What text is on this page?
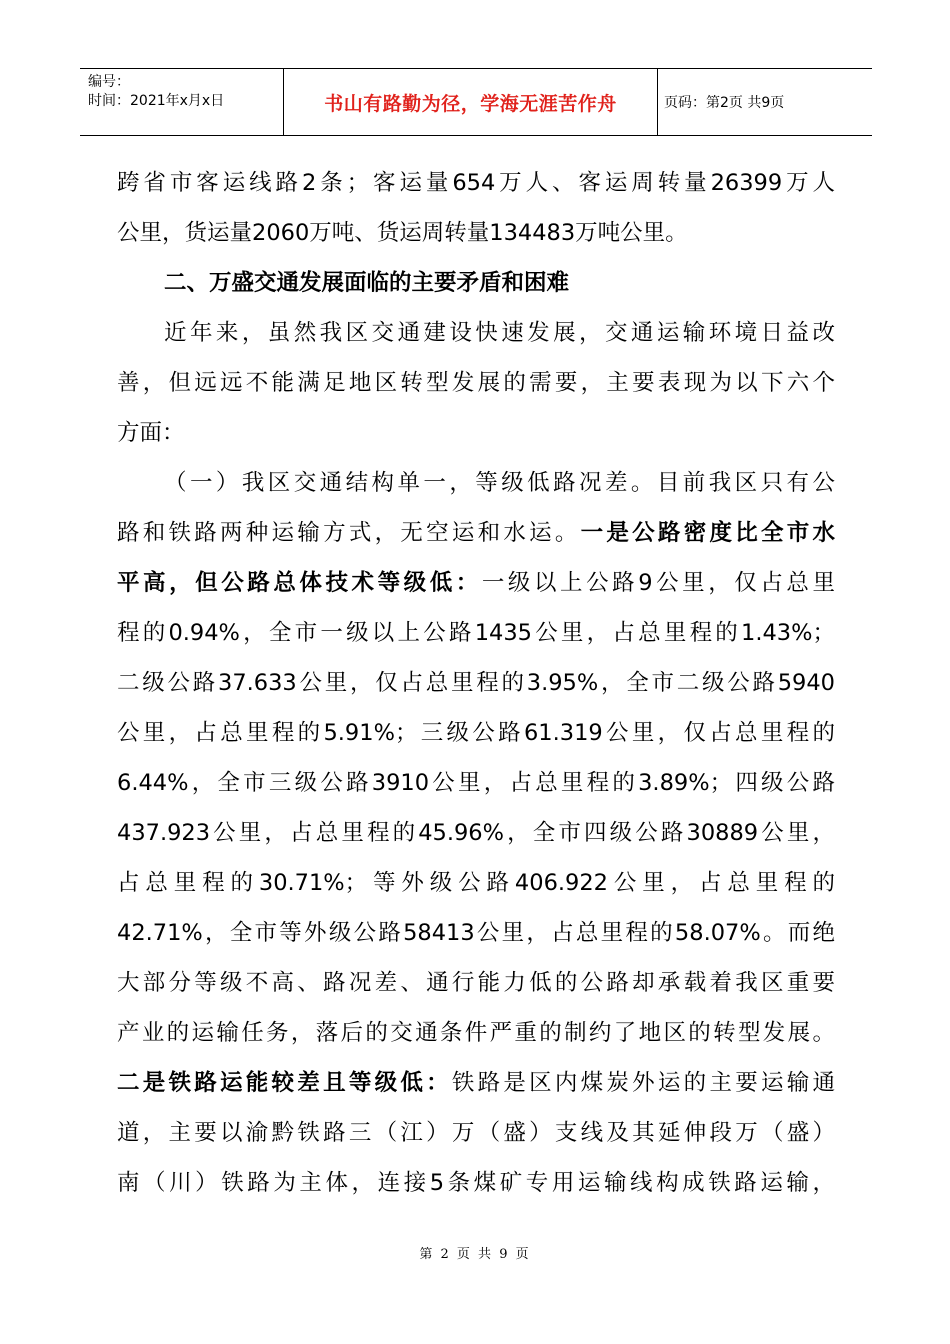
编号：
时间：2021年x月x日	书山有路勤为径，学海无涯苦作舟	页码：第2页 共9页
跨省市客运线路2条；客运量654万人、客运周转量26399万人
公里，货运量2060万吨、货运周转量134483万吨公里。
二、万盛交通发展面临的主要矛盾和困难
近年来，虽然我区交通建设快速发展，交通运输环境日益改
善，但远远不能满足地区转型发展的需要，主要表现为以下六个
方面：
（一）我区交通结构单一，等级低路况差。目前我区只有公
路和铁路两种运输方式，无空运和水运。一是公路密度比全市水
平高，但公路总体技术等级低：一级以上公路9公里，仅占总里
程的0.94%，全市一级以上公路1435公里，占总里程的1.43%；
二级公路37.633公里，仅占总里程的3.95%，全市二级公路5940
公里，占总里程的5.91%；三级公路61.319公里，仅占总里程的
6.44%，全市三级公路3910公里，占总里程的3.89%；四级公路
437.923公里，占总里程的45.96%，全市四级公路30889公里，
占总里程的30.71%；等外级公路406.922公里，占总里程的
42.71%，全市等外级公路58413公里，占总里程的58.07%。而绝
大部分等级不高、路况差、通行能力低的公路却承载着我区重要
产业的运输任务，落后的交通条件严重的制约了地区的转型发展。
二是铁路运能较差且等级低：铁路是区内煤炭外运的主要运输通
道，主要以渝黔铁路三（江）万（盛）支线及其延伸段万（盛）
南（川）铁路为主体，连接5条煤矿专用运输线构成铁路运输，
第 2 页 共 9 页
